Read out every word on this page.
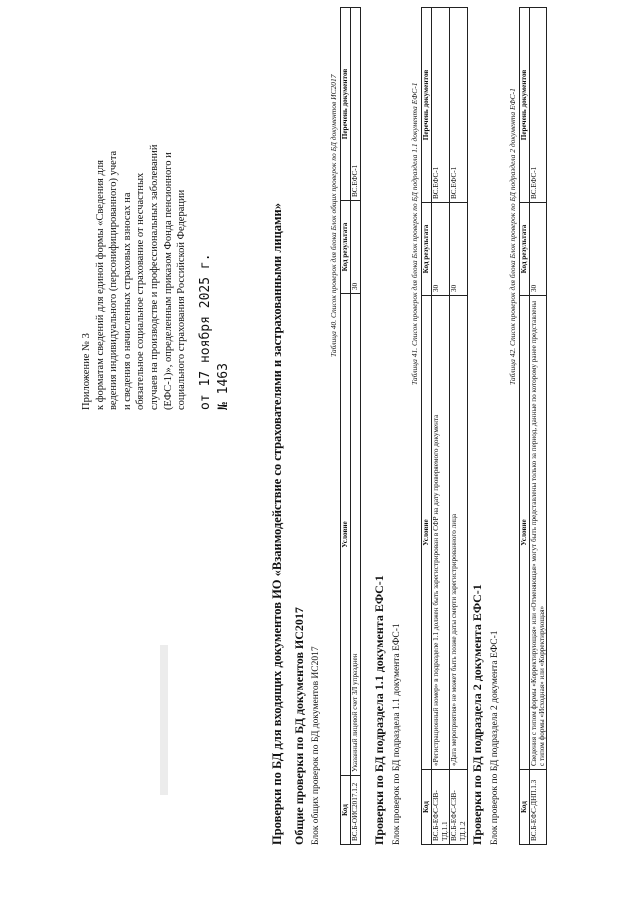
Приложение № 3 к форматам сведений для единой формы «Сведения для ведения индивидуального (персонифицированного) учета и сведения о начисленных страховых взносах на обязательное социальное страхование от несчастных случаев на производстве и профессиональных заболеваний (ЕФС-1)», определенным приказом Фонда пенсионного и социального страхования Российской Федерации от 17 ноября 2025 г. № 1463	Проверки по БД для входящих документов ИО «Взаимодействие со страхователями и застрахованными лицами» Общие проверки по БД документов ИС2017 Блок общих проверок по БД документов ИС2017
Таблица 40. Список проверок для блока Блок общих проверок по БД документов ИС2017
Код	Условие	Код результата	Перечень документов
ВС.Б-ОИС2017.1.2	Указанный лицевой счет ЗЛ упразднен	30	ВС.ЕФС-1
Проверки по БД подраздела 1.1 документа ЕФС-1 Блок проверок по БД подраздела 1.1 документа ЕФС-1
Таблица 41. Список проверок для блока Блок проверок по БД подраздела 1.1 документа ЕФС-1
Код	Условие	Код результата	Перечень документов
ВС.Б-ЕФС-СЗВ-ТД.1.1	«Регистрационный номер» в подразделе 1.1 должен быть зарегистрирован в СФР на дату проверяемого документа	30	ВС.ЕФС-1
ВС.Б-ЕФС-СЗВ-ТД.1.2	«Дата мероприятия» не может быть позже даты смерти зарегистрированного лица	30	ВС.ЕФС-1
Проверки по БД подраздела 2 документа ЕФС-1 Блок проверок по БД подраздела 2 документа ЕФС-1
Таблица 42. Список проверок для блока Блок проверок по БД подраздела 2 документа ЕФС-1
Код	Условие	Код результата	Перечень документов
ВС.Б-ЕФС-ДНП.1.3	Сведения с типом формы «Корректирующая» или «Отменяющая» могут быть представлены только за период, данные по которому ранее представлены с типом формы «Исходная» или «Корректирующая»	30	ВС.ЕФС-1
